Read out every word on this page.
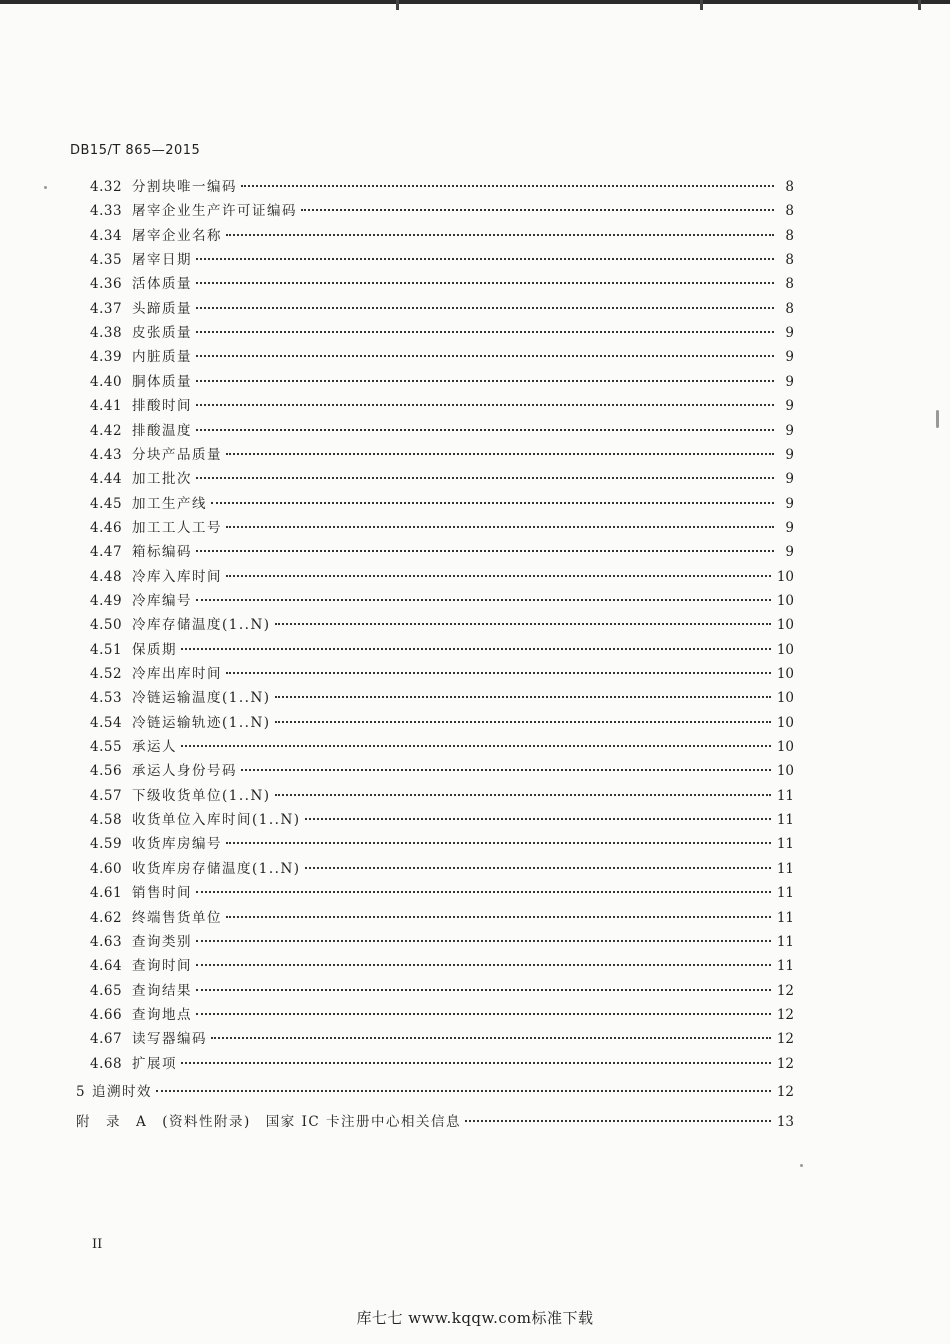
DB15/T 865—2015
4.32 分割块唯一编码	8
4.33 屠宰企业生产许可证编码	8
4.34 屠宰企业名称	8
4.35 屠宰日期	8
4.36 活体质量	8
4.37 头蹄质量	8
4.38 皮张质量	9
4.39 内脏质量	9
4.40 胴体质量	9
4.41 排酸时间	9
4.42 排酸温度	9
4.43 分块产品质量	9
4.44 加工批次	9
4.45 加工生产线	9
4.46 加工工人工号	9
4.47 箱标编码	9
4.48 冷库入库时间	10
4.49 冷库编号	10
4.50 冷库存储温度(1..N)	10
4.51 保质期	10
4.52 冷库出库时间	10
4.53 冷链运输温度(1..N)	10
4.54 冷链运输轨迹(1..N)	10
4.55 承运人	10
4.56 承运人身份号码	10
4.57 下级收货单位(1..N)	11
4.58 收货单位入库时间(1..N)	11
4.59 收货库房编号	11
4.60 收货库房存储温度(1..N)	11
4.61 销售时间	11
4.62 终端售货单位	11
4.63 查询类别	11
4.64 查询时间	11
4.65 查询结果	12
4.66 查询地点	12
4.67 读写器编码	12
4.68 扩展项	12
5 追溯时效	12
附　录　A　(资料性附录)　国家 IC 卡注册中心相关信息	13
II
库七七 www.kqqw.com标准下载
